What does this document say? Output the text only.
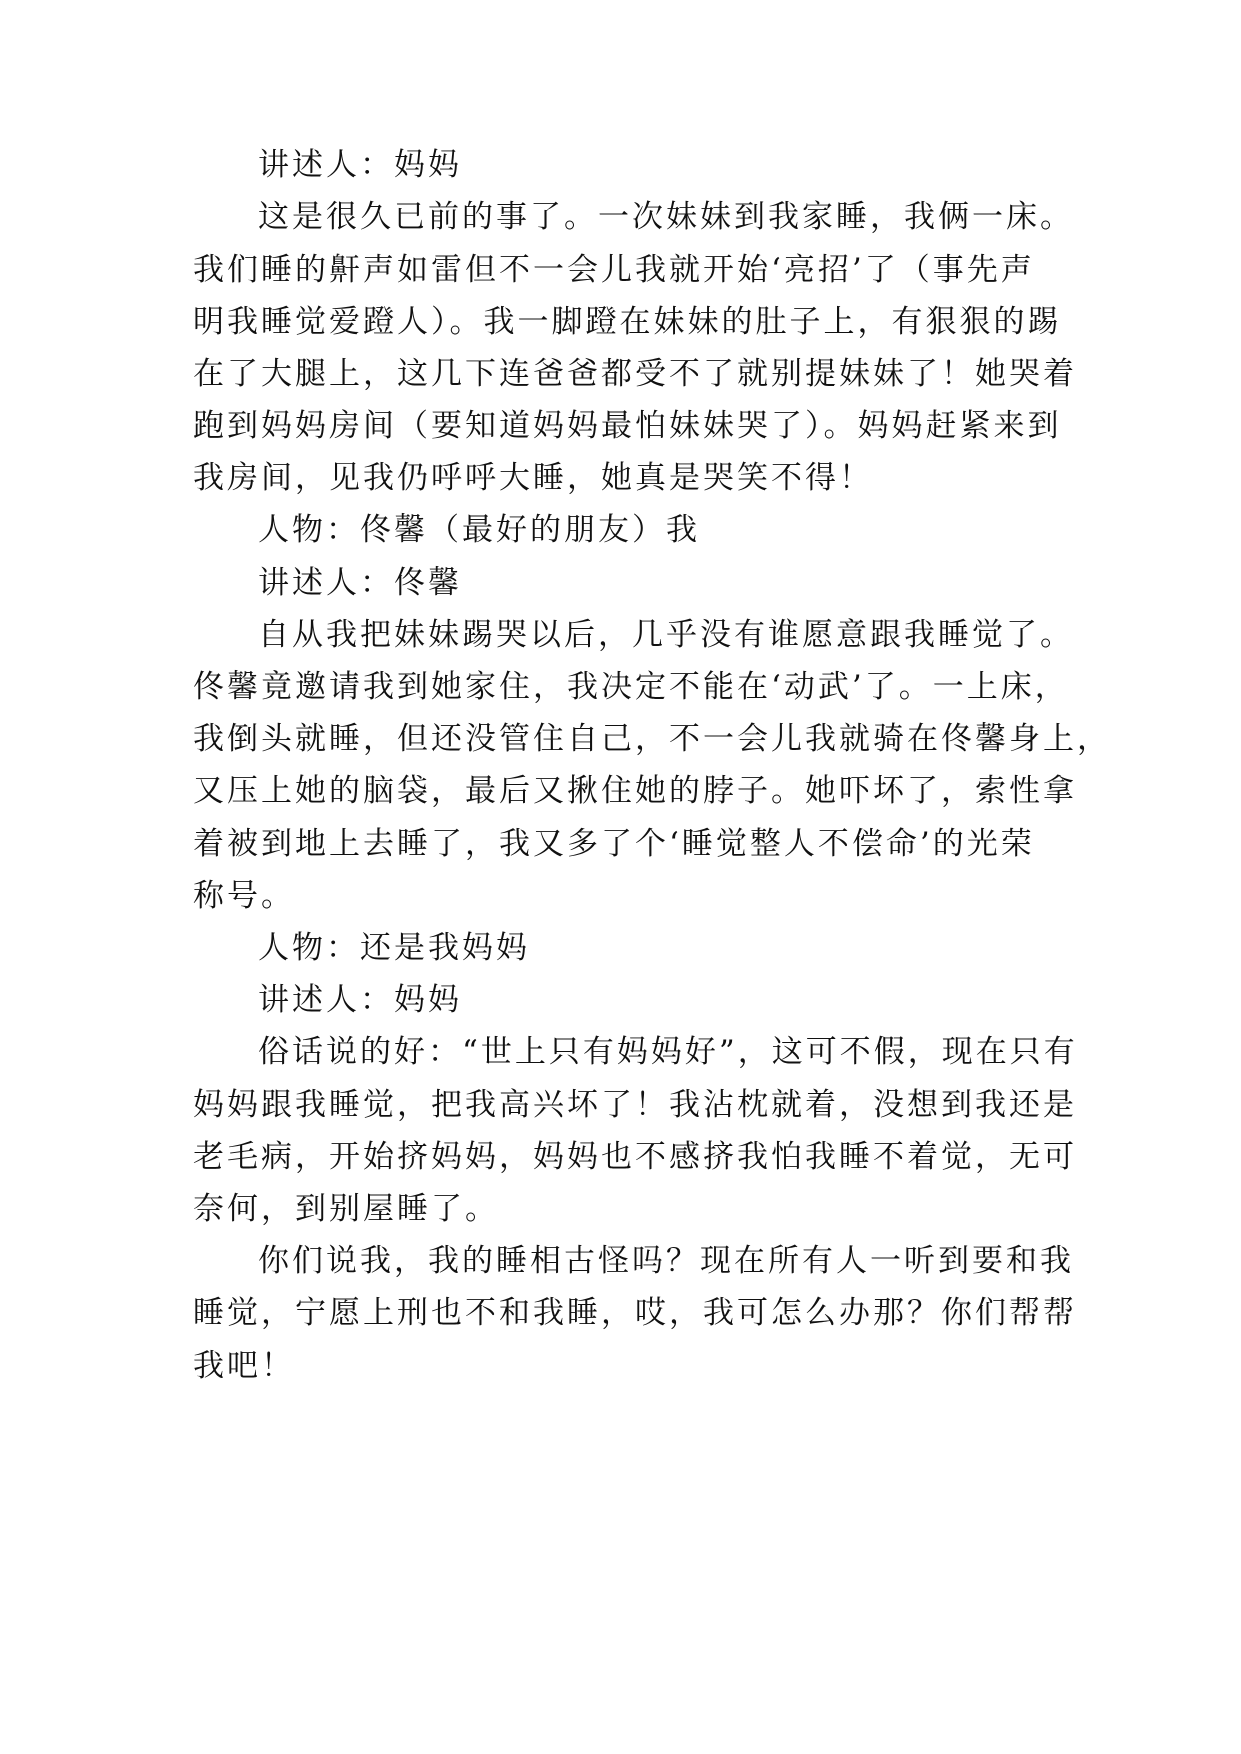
讲述人：妈妈

这是很久已前的事了。一次妹妹到我家睡，我俩一床。

我们睡的鼾声如雷但不一会儿我就开始‘亮招’了（事先声

明我睡觉爱蹬人）。我一脚蹬在妹妹的肚子上，有狠狠的踢

在了大腿上，这几下连爸爸都受不了就别提妹妹了！她哭着

跑到妈妈房间（要知道妈妈最怕妹妹哭了）。妈妈赶紧来到

我房间，见我仍呼呼大睡，她真是哭笑不得！

人物：佟馨（最好的朋友）我

讲述人：佟馨

自从我把妹妹踢哭以后，几乎没有谁愿意跟我睡觉了。

佟馨竟邀请我到她家住，我决定不能在‘动武’了。一上床，

我倒头就睡，但还没管住自己，不一会儿我就骑在佟馨身上，

又压上她的脑袋，最后又揪住她的脖子。她吓坏了，索性拿

着被到地上去睡了，我又多了个‘睡觉整人不偿命’的光荣

称号。

人物：还是我妈妈

讲述人：妈妈

俗话说的好：“世上只有妈妈好”，这可不假，现在只有

妈妈跟我睡觉，把我高兴坏了！我沾枕就着，没想到我还是

老毛病，开始挤妈妈，妈妈也不感挤我怕我睡不着觉，无可

奈何，到别屋睡了。

你们说我，我的睡相古怪吗？现在所有人一听到要和我

睡觉，宁愿上刑也不和我睡，哎，我可怎么办那？你们帮帮

我吧！
